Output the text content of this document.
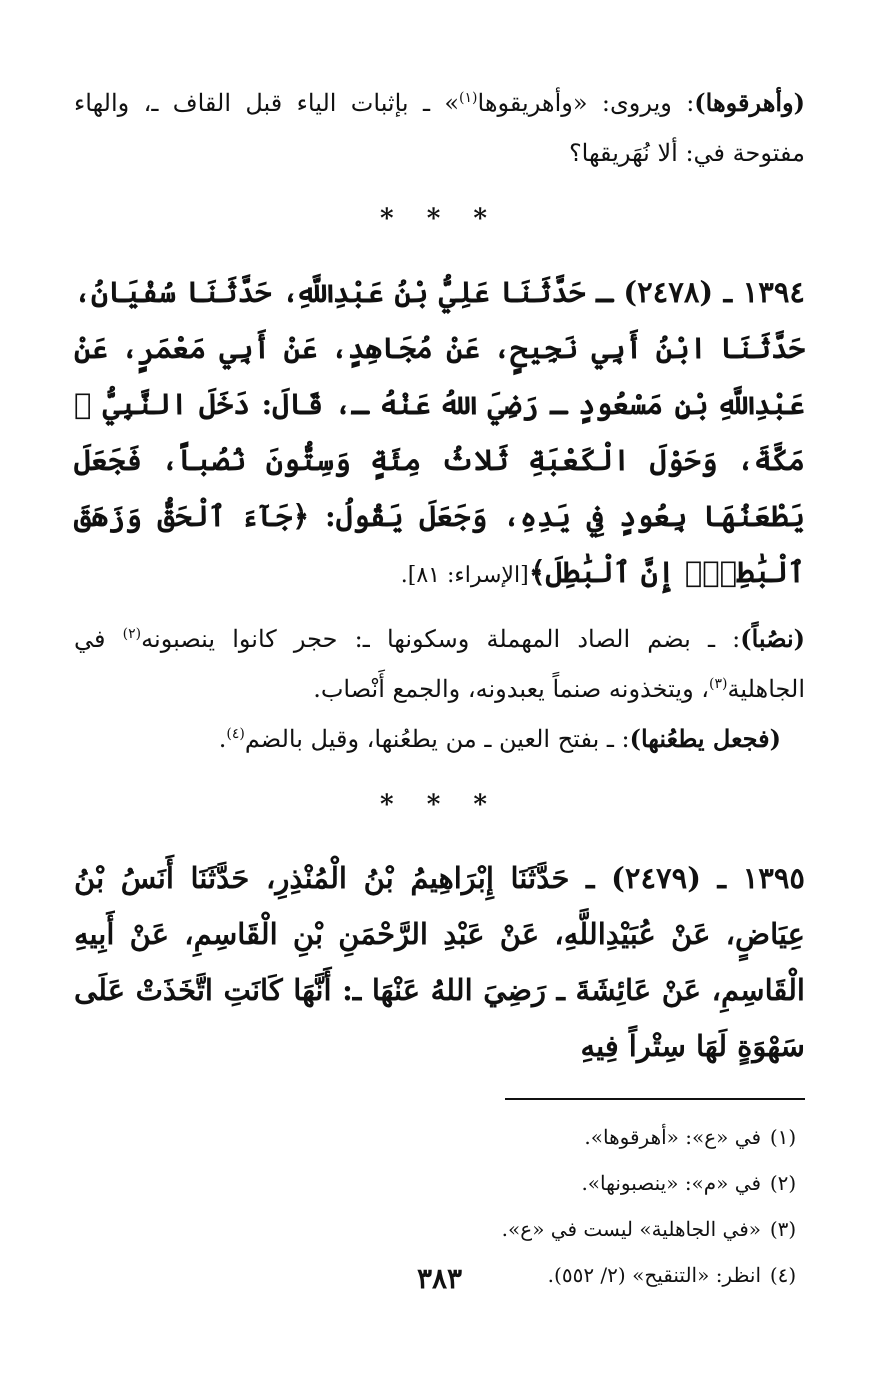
(وأهرقوها): ويروى: «وأهريقوها$^{(١)}$» ـ بإثبات الياء قبل القاف ـ، والهاء مفتوحة في: ألا نُهَريقها؟

* * *

١٣٩٤ ـ (٢٤٧٨) ـ حَدَّثَنَا عَلِيُّ بْنُ عَبْدِاللَّهِ، حَدَّثَنَا سُفْيَانُ، حَدَّثَنَا ابْنُ أَبِي نَجِيحٍ، عَنْ مُجَاهِدٍ، عَنْ أَبِي مَعْمَرٍ، عَنْ عَبْدِاللَّهِ بْنِ مَسْعُودٍ ـ رَضِيَ اللهُ عَنْهُ ـ، قَالَ: دَخَلَ النَّبِيُّ ﷺ مَكَّةَ، وَحَوْلَ الْكَعْبَةِ ثَلاثُ مِئَةٍ وَسِتُّونَ نُصُباً، فَجَعَلَ يَطْعَنُهَا بِعُودٍ فِي يَدِهِ، وَجَعَلَ يَقُولُ: ﴿جَآءَ ٱلْحَقُّ وَزَهَقَ ٱلْبَٰطِلُۚ إِنَّ ٱلْبَٰطِلَ﴾[الإسراء: ٨١].

(نصُباً): ـ بضم الصاد المهملة وسكونها ـ: حجر كانوا ينصبونه$^{(٢)}$ في الجاهلية$^{(٣)}$، ويتخذونه صنماً يعبدونه، والجمع أَنْصاب.

(فجعل يطعُنها): ـ بفتح العين ـ من يطعُنها، وقيل بالضم$^{(٤)}$.

* * *

١٣٩٥ ـ (٢٤٧٩) ـ حَدَّثَنَا إِبْرَاهِيمُ بْنُ الْمُنْذِرِ، حَدَّثَنَا أَنَسُ بْنُ عِيَاضٍ، عَنْ عُبَيْدِاللَّهِ، عَنْ عَبْدِ الرَّحْمَنِ بْنِ الْقَاسِمِ، عَنْ أَبِيهِ الْقَاسِمِ، عَنْ عَائِشَةَ ـ رَضِيَ اللهُ عَنْهَا ـ: أَنَّهَا كَانَتِ اتَّخَذَتْ عَلَى سَهْوَةٍ لَهَا سِتْراً فِيهِ

(١)
في «ع»: «أهرقوها».
(٢)
في «م»: «ينصبونها».
(٣)
«في الجاهلية» ليست في «ع».
(٤)
انظر: «التنقيح» (٢/ ٥٥٢).
٣٨٣
